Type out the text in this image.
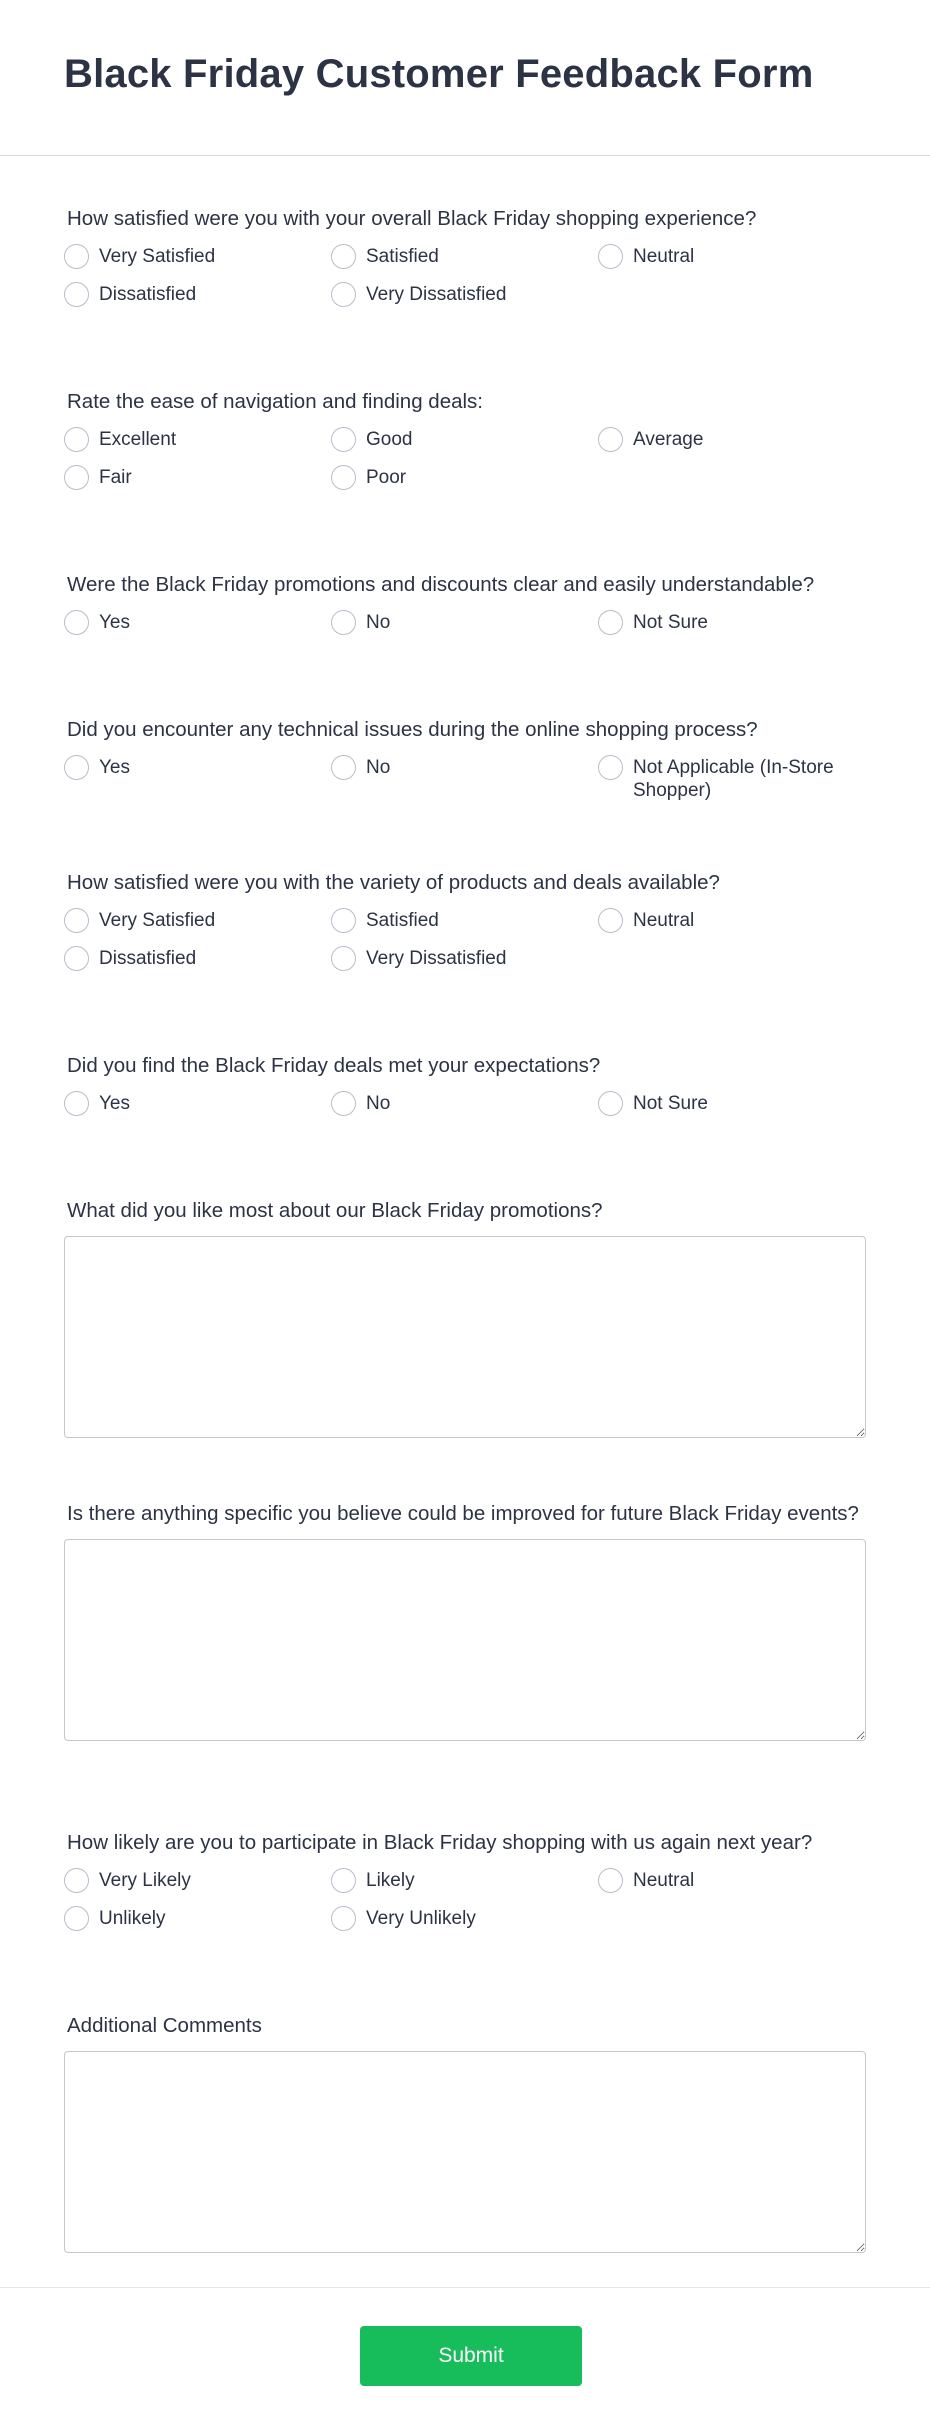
Black Friday Customer Feedback Form
How satisfied were you with your overall Black Friday shopping experience?
Very Satisfied	Satisfied	Neutral
Dissatisfied	Very Dissatisfied
Rate the ease of navigation and finding deals:
Excellent	Good	Average
Fair	Poor
Were the Black Friday promotions and discounts clear and easily understandable?
Yes	No	Not Sure
Did you encounter any technical issues during the online shopping process?
Yes	No	Not Applicable (In-Store Shopper)
How satisfied were you with the variety of products and deals available?
Very Satisfied	Satisfied	Neutral
Dissatisfied	Very Dissatisfied
Did you find the Black Friday deals met your expectations?
Yes	No	Not Sure
What did you like most about our Black Friday promotions?
Is there anything specific you believe could be improved for future Black Friday events?
How likely are you to participate in Black Friday shopping with us again next year?
Very Likely	Likely	Neutral
Unlikely	Very Unlikely
Additional Comments
Submit
